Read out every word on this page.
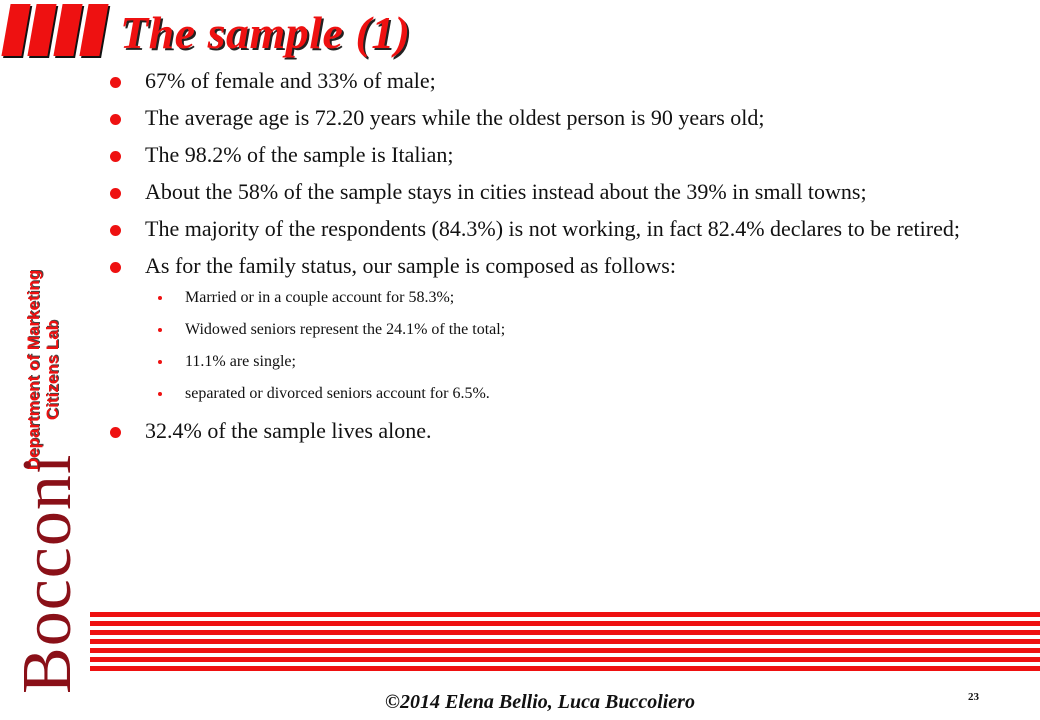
The sample (1)
Department of Marketing Citizens Lab
Bocconi
67% of female and 33% of male;
The average age is 72.20 years while the oldest person is 90 years old;
The 98.2% of the sample is Italian;
About the 58% of the sample stays in cities instead about the 39% in small towns;
The majority of the respondents (84.3%) is not working, in fact 82.4% declares to be retired;
As for the family status, our sample is composed as follows:
Married or in a couple account for 58.3%;
Widowed seniors represent the 24.1% of the total;
11.1% are single;
separated or divorced seniors account for 6.5%.
32.4% of the sample lives alone.
©2014 Elena Bellio, Luca Buccoliero	23
